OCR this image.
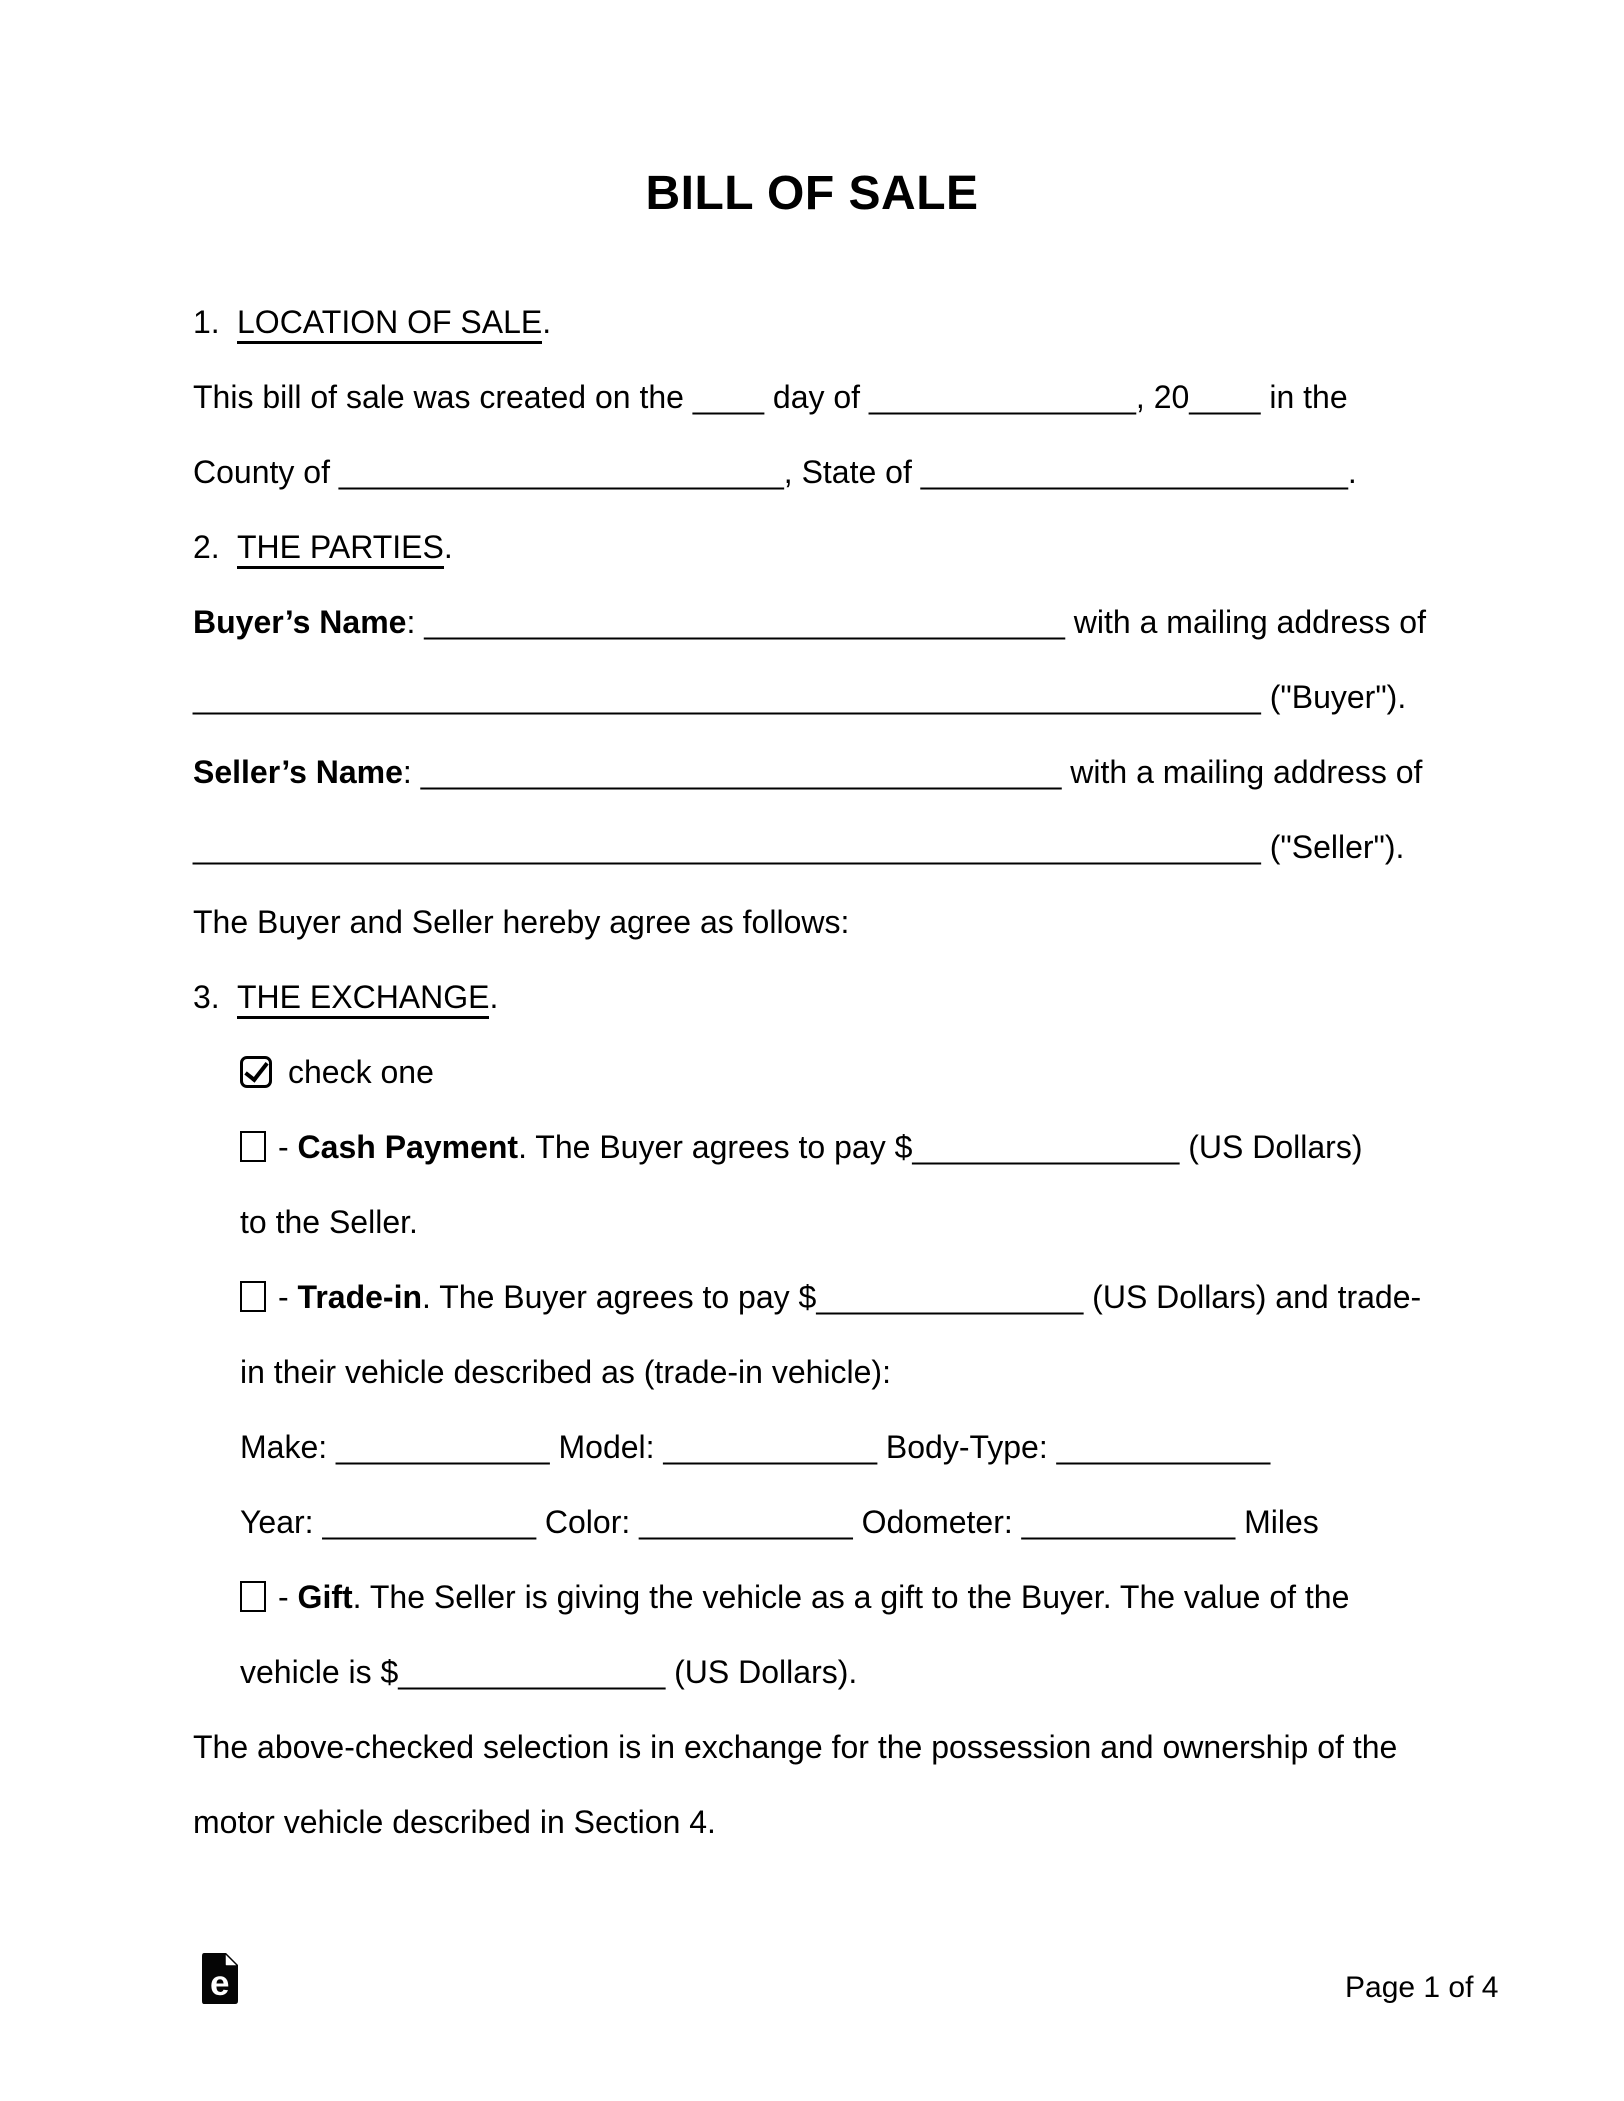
BILL OF SALE
1. LOCATION OF SALE.
This bill of sale was created on the ____ day of _______________, 20____ in the
County of _________________________, State of ________________________.
2. THE PARTIES.
Buyer’s Name: ____________________________________ with a mailing address of
____________________________________________________________ ("Buyer").
Seller’s Name: ____________________________________ with a mailing address of
____________________________________________________________ ("Seller").
The Buyer and Seller hereby agree as follows:
3. THE EXCHANGE.
check one
- Cash Payment. The Buyer agrees to pay $_______________ (US Dollars)
to the Seller.
- Trade-in. The Buyer agrees to pay $_______________ (US Dollars) and trade-
in their vehicle described as (trade-in vehicle):
Make: ____________ Model: ____________ Body-Type: ____________
Year: ____________ Color: ____________ Odometer: ____________ Miles
- Gift. The Seller is giving the vehicle as a gift to the Buyer. The value of the
vehicle is $_______________ (US Dollars).
The above-checked selection is in exchange for the possession and ownership of the
motor vehicle described in Section 4.
e	Page 1 of 4
